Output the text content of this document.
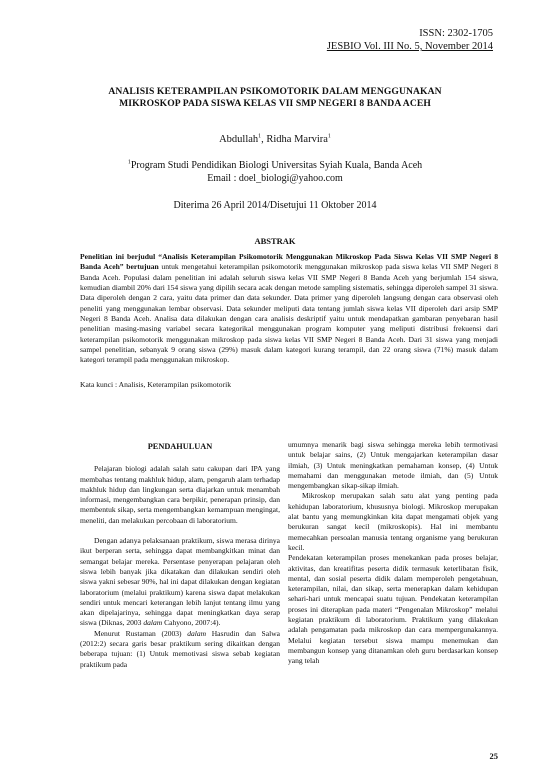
ISSN: 2302-1705
JESBIO Vol. III No. 5, November 2014
ANALISIS KETERAMPILAN PSIKOMOTORIK DALAM MENGGUNAKAN
MIKROSKOP PADA SISWA KELAS VII SMP NEGERI 8 BANDA ACEH
Abdullah$^1$, Ridha Marvira$^1$
$^1$Program Studi Pendidikan Biologi Universitas Syiah Kuala, Banda Aceh
Email : doel_biologi@yahoo.com
Diterima 26 April 2014/Disetujui 11 Oktober 2014
ABSTRAK
Penelitian ini berjudul “Analisis Keterampilan Psikomotorik Menggunakan Mikroskop Pada Siswa Kelas VII SMP Negeri 8 Banda Aceh” bertujuan untuk mengetahui keterampilan psikomotorik menggunakan mikroskop pada siswa kelas VII SMP Negeri 8 Banda Aceh. Populasi dalam penelitian ini adalah seluruh siswa kelas VII SMP Negeri 8 Banda Aceh yang berjumlah 154 siswa, kemudian diambil 20% dari 154 siswa yang dipilih secara acak dengan metode sampling sistematis, sehingga diperoleh sampel 31 siswa. Data diperoleh dengan 2 cara, yaitu data primer dan data sekunder. Data primer yang diperoleh langsung dengan cara observasi oleh peneliti yang menggunakan lembar observasi. Data sekunder meliputi data tentang jumlah siswa kelas VII diperoleh dari arsip SMP Negeri 8 Banda Aceh. Analisa data dilakukan dengan cara analisis deskriptif yaitu untuk mendapatkan gambaran penyebaran hasil penelitian masing-masing variabel secara kategorikal menggunakan program komputer yang meliputi distribusi frekuensi dari keterampilan psikomotorik menggunakan mikroskop pada siswa kelas VII SMP Negeri 8 Banda Aceh. Dari 31 siswa yang menjadi sampel penelitian, sebanyak 9 orang siswa (29%) masuk dalam kategori kurang terampil, dan 22 orang siswa (71%) masuk dalam kategori terampil pada menggunakan mikroskop.
Kata kunci : Analisis, Keterampilan psikomotorik
PENDAHULUAN

Pelajaran biologi adalah salah satu cakupan dari IPA yang membahas tentang makhluk hidup, alam, pengaruh alam terhadap makhluk hidup dan lingkungan serta diajarkan untuk menambah informasi, mengembangkan cara berpikir, penerapan prinsip, dan membentuk sikap, serta mengembangkan kemampuan mengingat, meneliti, dan melakukan percobaan di laboratorium.

Dengan adanya pelaksanaan praktikum, siswa merasa dirinya ikut berperan serta, sehingga dapat membangkitkan minat dan semangat belajar mereka. Persentase penyerapan pelajaran oleh siswa lebih banyak jika dikatakan dan dilakukan sendiri oleh siswa yakni sebesar 90%, hal ini dapat dilakukan dengan kegiatan laboratorium (melalui praktikum) karena siswa dapat melakukan sendiri untuk mencari keterangan lebih lanjut tentang ilmu yang akan dipelajarinya, sehingga dapat meningkatkan daya serap siswa (Diknas, 2003 dalam Cahyono, 2007:4).

Menurut Rustaman (2003) dalam Hasrudin dan Salwa (2012:2) secara garis besar praktikum sering dikaitkan dengan beberapa tujuan: (1) Untuk memotivasi siswa sebab kegiatan praktikum pada

umumnya menarik bagi siswa sehingga mereka lebih termotivasi untuk belajar sains, (2) Untuk mengajarkan keterampilan dasar ilmiah, (3) Untuk meningkatkan pemahaman konsep, (4) Untuk memahami dan menggunakan metode ilmiah, dan (5) Untuk mengembangkan sikap-sikap ilmiah.

Mikroskop merupakan salah satu alat yang penting pada kehidupan laboratorium, khususnya biologi. Mikroskop merupakan alat bantu yang memungkinkan kita dapat mengamati objek yang berukuran sangat kecil (mikroskopis). Hal ini membantu memecahkan persoalan manusia tentang organisme yang berukuran kecil.

Pendekatan keterampilan proses menekankan pada proses belajar, aktivitas, dan kreatifitas peserta didik termasuk keterlibatan fisik, mental, dan sosial peserta didik dalam memperoleh pengetahuan, keterampilan, nilai, dan sikap, serta menerapkan dalam kehidupan sehari-hari untuk mencapai suatu tujuan. Pendekatan keterampilan proses ini diterapkan pada materi “Pengenalan Mikroskop” melalui kegiatan praktikum di laboratorium. Praktikum yang dilakukan adalah pengamatan pada mikroskop dan cara mempergunakannya. Melalui kegiatan tersebut siswa mampu menemukan dan membangun konsep yang ditanamkan oleh guru berdasarkan konsep yang telah

25
